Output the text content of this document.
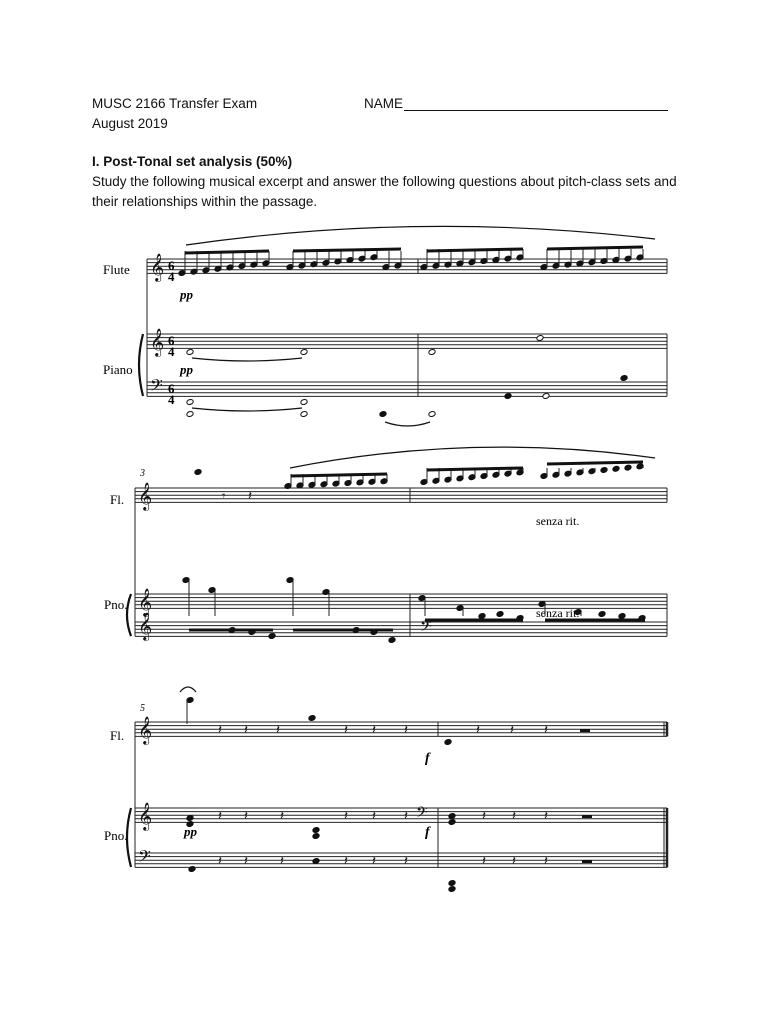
MUSC 2166 Transfer Exam
August 2019
NAME
I. Post-Tonal set analysis (50%)
Study the following musical excerpt and answer the following questions about pitch-class sets and their relationships within the passage.
𝄞
𝄞
𝄢
𝄞
𝄞
𝄞
𝄞
𝄞
𝄢
𝄾 𝄽
𝄢
𝄽 𝄽 𝄽	𝄽 𝄽 𝄽	𝄽 𝄽 𝄽
𝄽 𝄽 𝄽	𝄽 𝄽 𝄽 𝄢	𝄽 𝄽 𝄽
𝄽 𝄽 𝄽	𝄽 𝄽 𝄽	𝄽 𝄽 𝄽
Flute
Piano
Fl.
Pno.
Fl.
Pno.
6
4
6
4
6
4
3
5
pp
pp
pp
f
f
senza rit.
senza rit.
